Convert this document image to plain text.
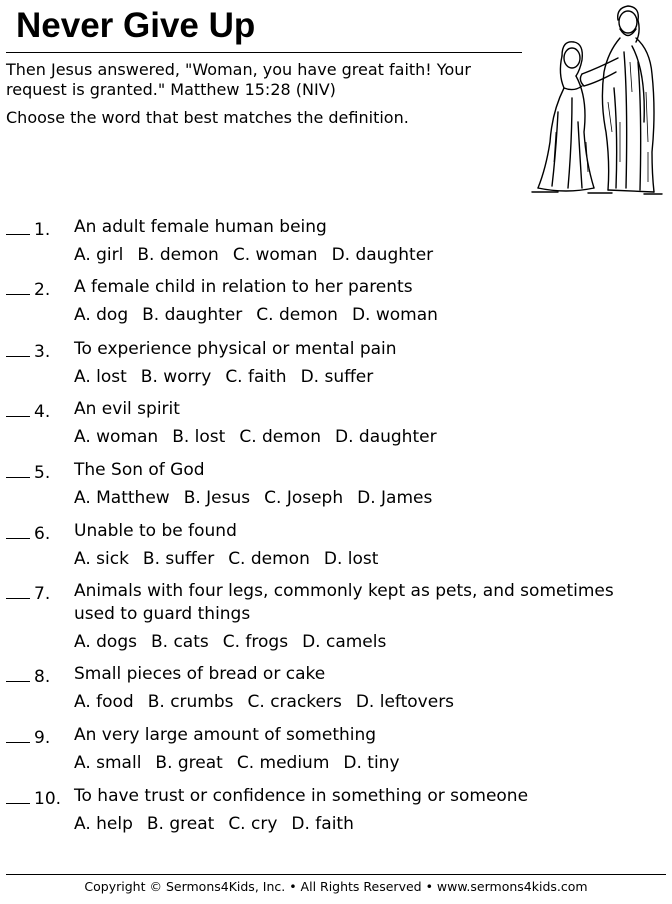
Never Give Up

Then Jesus answered, "Woman, you have great faith! Your request is granted." Matthew 15:28 (NIV)

Choose the word that best matches the definition.

1.	An adult female human being
A. girl B. demon C. woman D. daughter
2.	A female child in relation to her parents
A. dog B. daughter C. demon D. woman
3.	To experience physical or mental pain
A. lost B. worry C. faith D. suffer
4.	An evil spirit
A. woman B. lost C. demon D. daughter
5.	The Son of God
A. Matthew B. Jesus C. Joseph D. James
6.	Unable to be found
A. sick B. suffer C. demon D. lost
7.	Animals with four legs, commonly kept as pets, and sometimes used to guard things
A. dogs B. cats C. frogs D. camels
8.	Small pieces of bread or cake
A. food B. crumbs C. crackers D. leftovers
9.	An very large amount of something
A. small B. great C. medium D. tiny
10. To have trust or confidence in something or someone
A. help B. great C. cry D. faith

Copyright © Sermons4Kids, Inc. • All Rights Reserved • www.sermons4kids.com
